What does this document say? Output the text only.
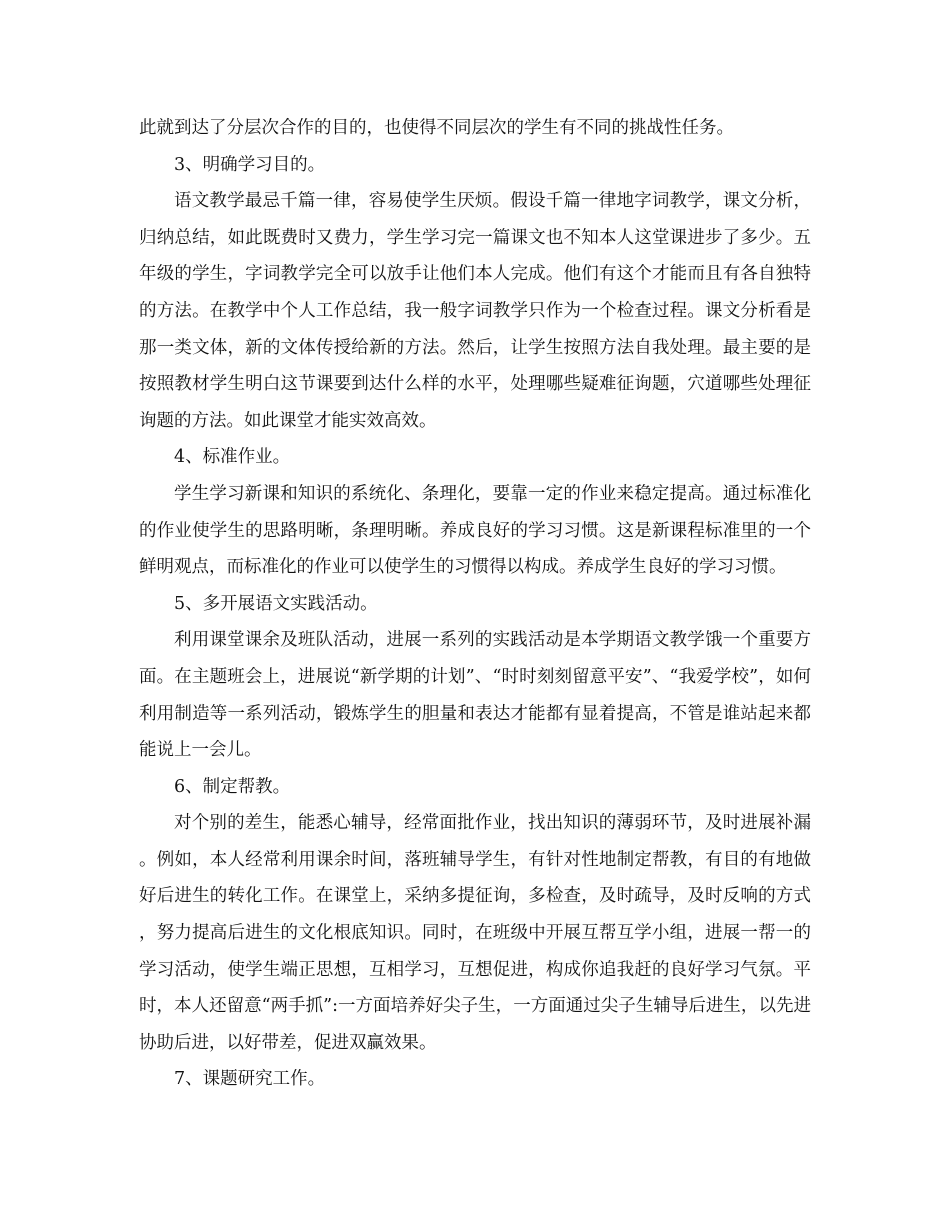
此就到达了分层次合作的目的，也使得不同层次的学生有不同的挑战性任务。

3、明确学习目的。

语文教学最忌千篇一律，容易使学生厌烦。假设千篇一律地字词教学，课文分析，归纳总结，如此既费时又费力，学生学习完一篇课文也不知本人这堂课进步了多少。五年级的学生，字词教学完全可以放手让他们本人完成。他们有这个才能而且有各自独特的方法。在教学中个人工作总结，我一般字词教学只作为一个检查过程。课文分析看是那一类文体，新的文体传授给新的方法。然后，让学生按照方法自我处理。最主要的是按照教材学生明白这节课要到达什么样的水平，处理哪些疑难征询题，穴道哪些处理征询题的方法。如此课堂才能实效高效。

4、标准作业。

学生学习新课和知识的系统化、条理化，要靠一定的作业来稳定提高。通过标准化的作业使学生的思路明晰，条理明晰。养成良好的学习习惯。这是新课程标准里的一个鲜明观点，而标准化的作业可以使学生的习惯得以构成。养成学生良好的学习习惯。

5、多开展语文实践活动。

利用课堂课余及班队活动，进展一系列的实践活动是本学期语文教学饿一个重要方面。在主题班会上，进展说“新学期的计划”、“时时刻刻留意平安”、“我爱学校”，如何利用制造等一系列活动，锻炼学生的胆量和表达才能都有显着提高，不管是谁站起来都能说上一会儿。

6、制定帮教。

对个别的差生，能悉心辅导，经常面批作业，找出知识的薄弱环节，及时进展补漏。例如，本人经常利用课余时间，落班辅导学生，有针对性地制定帮教，有目的有地做好后进生的转化工作。在课堂上，采纳多提征询，多检查，及时疏导，及时反响的方式，努力提高后进生的文化根底知识。同时，在班级中开展互帮互学小组，进展一帮一的学习活动，使学生端正思想，互相学习，互想促进，构成你追我赶的良好学习气氛。平时，本人还留意“两手抓”:一方面培养好尖子生，一方面通过尖子生辅导后进生，以先进协助后进，以好带差，促进双赢效果。

7、课题研究工作。
